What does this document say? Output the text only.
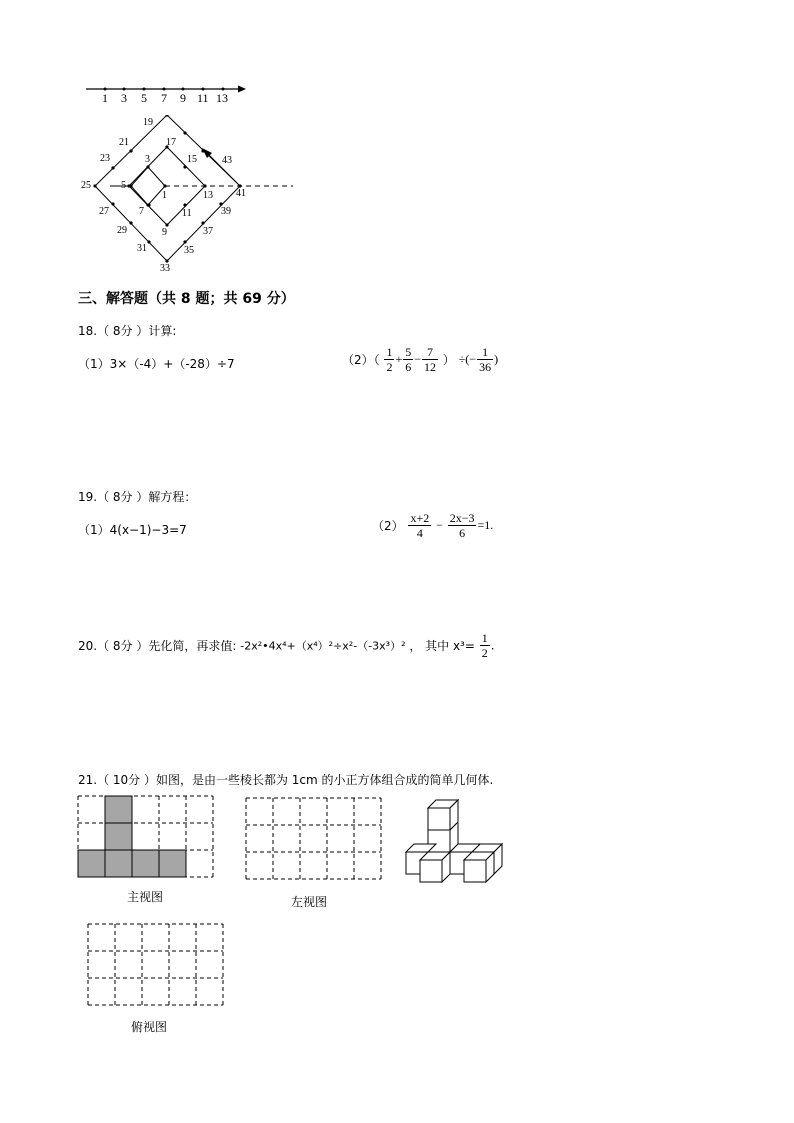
1 3 5 7 9 11 13
19
17
21
23	3	15	43
25	5
1	13 41
27	7	11	39
29	9	37
31	35
33
三、解答题（共 8 题；共 69 分）
18.（ 8分 ）计算:
（1）3×（-4）+（-28）÷7	$(2)( \frac{1}{2} + \frac{5}{6} - \frac{7}{12}$ ） ÷(− $\frac{1}{36}$ )
19.（ 8分 ）解方程：
（1）4(x−1)−3=7	$(2) \frac{x+2}{4} - \frac{2x-3}{6} =1$.
20.（ 8分 ）先化简，再求值: -2x²•4x⁴+（x⁴）²÷x²-（-3x³）² ， 其中 $x^3= \frac{1}{2}$ .
21.（ 10分 ）如图，是由一些棱长都为 1cm 的小正方体组合成的简单几何体.
主视图	左视图
俯视图
